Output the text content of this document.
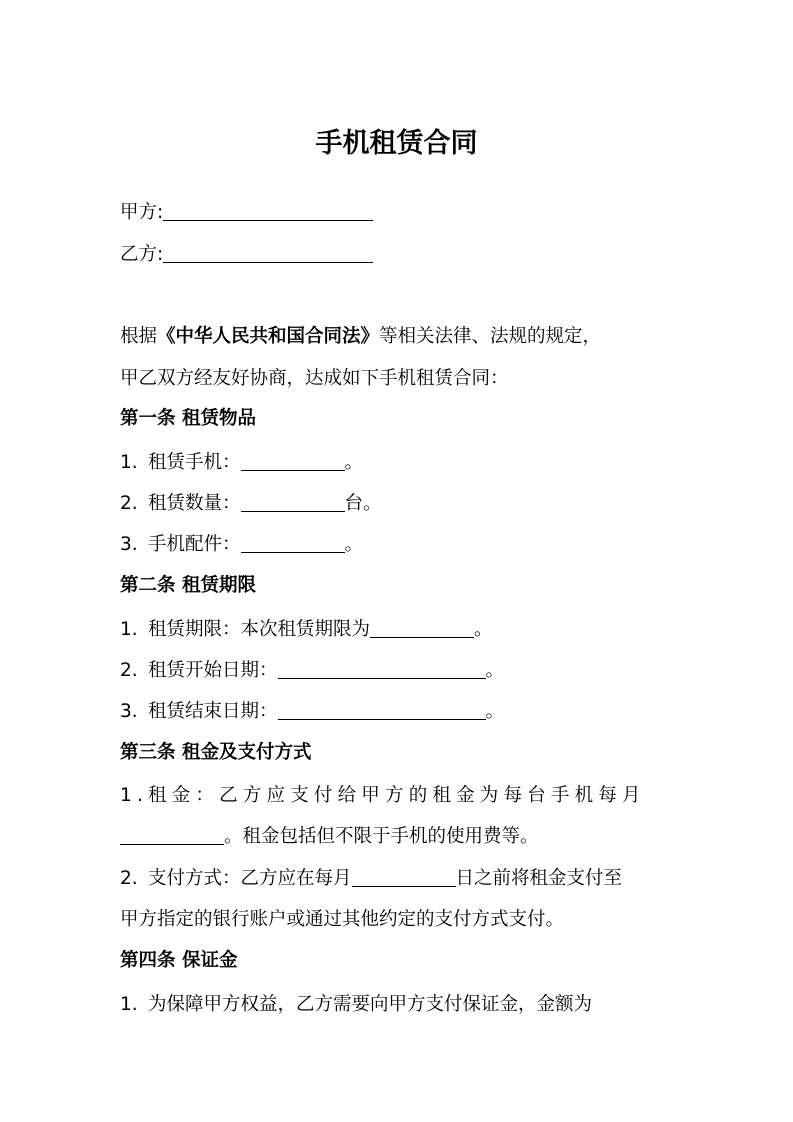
手机租赁合同
甲方:
乙方:
根据《中华人民共和国合同法》等相关法律、法规的规定，
甲乙双方经友好协商，达成如下手机租赁合同：
第一条 租赁物品
1. 租赁手机：	。
2. 租赁数量：	台。
3. 手机配件：	。
第二条 租赁期限
1. 租赁期限：本次租赁期限为	。
2. 租赁开始日期：	。
3. 租赁结束日期：	。
第三条 租金及支付方式
1.租金：乙方应支付给甲方的租金为每台手机每月
。租金包括但不限于手机的使用费等。
2. 支付方式：乙方应在每月	日之前将租金支付至
甲方指定的银行账户或通过其他约定的支付方式支付。
第四条 保证金
1. 为保障甲方权益，乙方需要向甲方支付保证金，金额为
